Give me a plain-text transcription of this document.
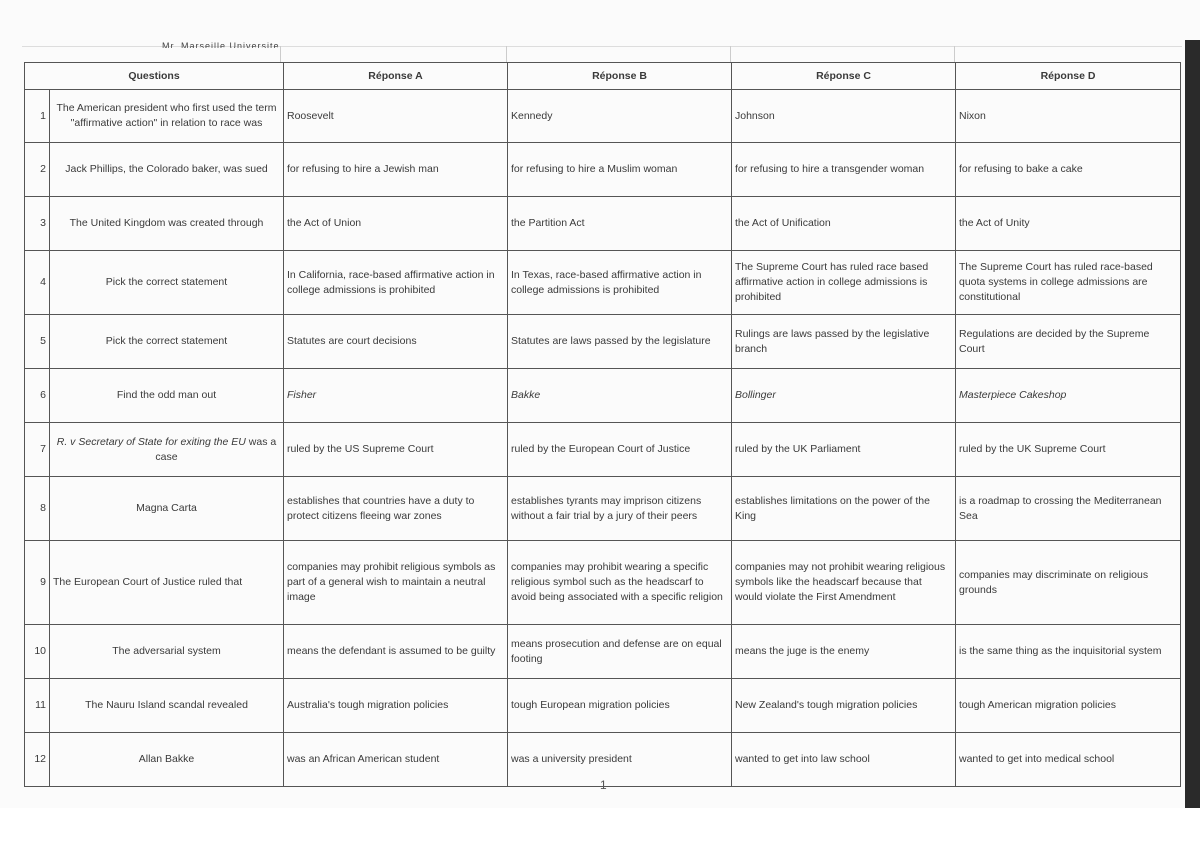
Mr. Marseille Universite
Questions		Réponse A	Réponse B	Réponse C	Réponse D
1	The American president who first used the term "affirmative action" in relation to race was	Roosevelt	Kennedy	Johnson	Nixon
2	Jack Phillips, the Colorado baker, was sued	for refusing to hire a Jewish man	for refusing to hire a Muslim woman	for refusing to hire a transgender woman	for refusing to bake a cake
3	The United Kingdom was created through	the Act of Union	the Partition Act	the Act of Unification	the Act of Unity
4	Pick the correct statement	In California, race-based affirmative action in college admissions is prohibited	In Texas, race-based affirmative action in college admissions is prohibited	The Supreme Court has ruled race based affirmative action in college admissions is prohibited	The Supreme Court has ruled race-based quota systems in college admissions are constitutional
5	Pick the correct statement	Statutes are court decisions	Statutes are laws passed by the legislature	Rulings are laws passed by the legislative branch	Regulations are decided by the Supreme Court
6	Find the odd man out	Fisher	Bakke	Bollinger	Masterpiece Cakeshop
7	R. v Secretary of State for exiting the EU was a case	ruled by the US Supreme Court	ruled by the European Court of Justice	ruled by the UK Parliament	ruled by the UK Supreme Court
8	Magna Carta	establishes that countries have a duty to protect citizens fleeing war zones	establishes tyrants may imprison citizens without a fair trial by a jury of their peers	establishes limitations on the power of the King	is a roadmap to crossing the Mediterranean Sea
9	The European Court of Justice ruled that	companies may prohibit religious symbols as part of a general wish to maintain a neutral image	companies may prohibit wearing a specific religious symbol such as the headscarf to avoid being associated with a specific religion	companies may not prohibit wearing religious symbols like the headscarf because that would violate the First Amendment	companies may discriminate on religious grounds
10	The adversarial system	means the defendant is assumed to be guilty	means prosecution and defense are on equal footing	means the juge is the enemy	is the same thing as the inquisitorial system
11	The Nauru Island scandal revealed	Australia's tough migration policies	tough European migration policies	New Zealand's tough migration policies	tough American migration policies
12	Allan Bakke	was an African American student	was a university president	wanted to get into law school	wanted to get into medical school
1
